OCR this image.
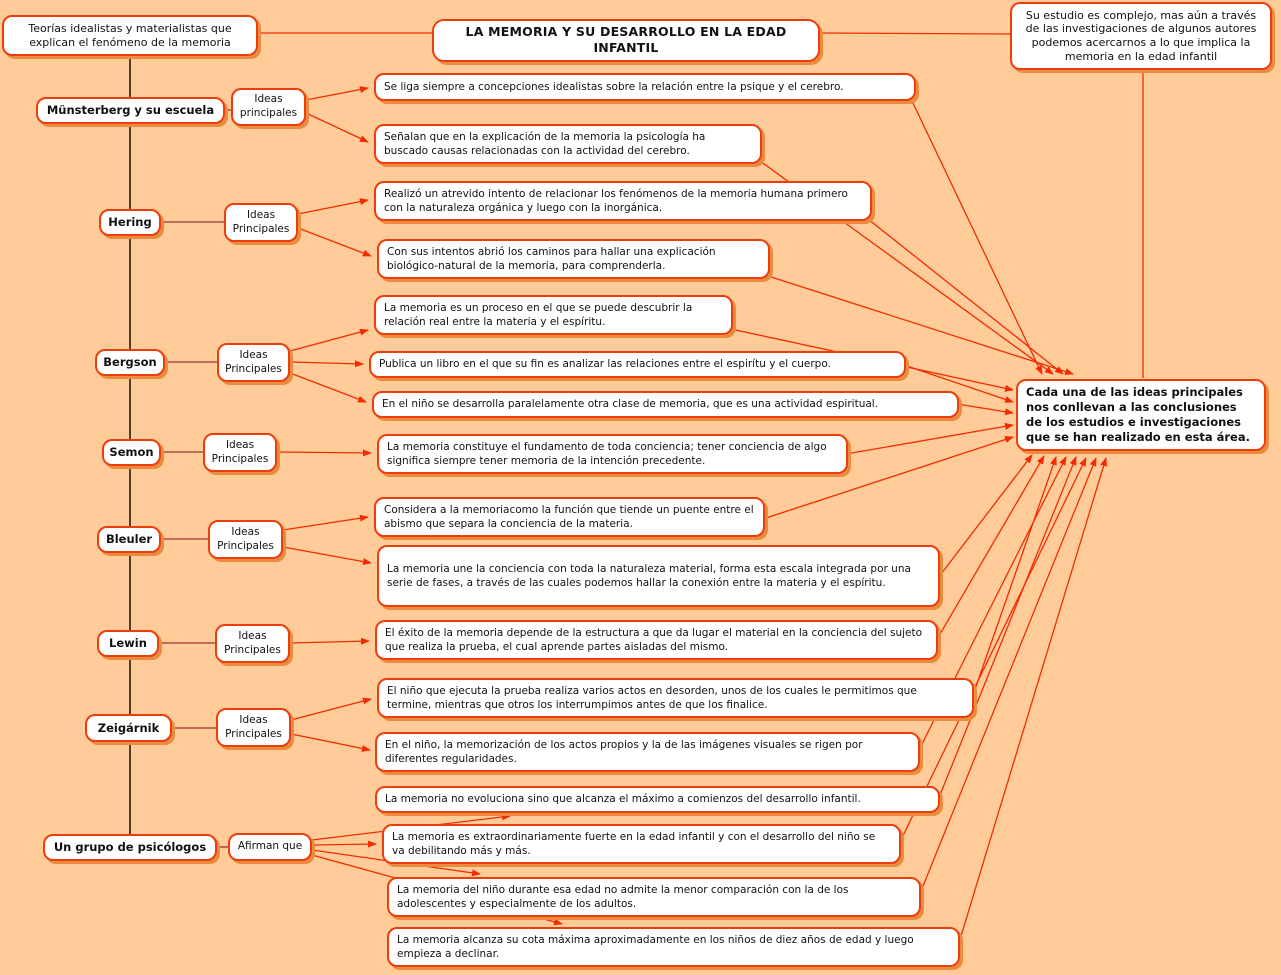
Teorías idealistas y materialistas que explican el fenómeno de la memoria
LA MEMORIA Y SU DESARROLLO EN LA EDAD INFANTIL
Su estudio es complejo, mas aún a través de las investigaciones de algunos autores podemos acercarnos a lo que implica la memoria en la edad infantil
Cada una de las ideas principales nos conllevan a las conclusiones de los estudios e investigaciones que se han realizado en esta área.
Münsterberg y su escuela
Hering
Bergson
Semon
Bleuler
Lewin
Zeigárnik
Un grupo de psicólogos
Ideas principales
Ideas Principales
Ideas Principales
Ideas Principales
Ideas Principales
Ideas Principales
Ideas Principales
Afirman que
Se liga siempre a concepciones idealistas sobre la relación entre la psique y el cerebro.
Señalan que en la explicación de la memoria la psicología ha buscado causas relacionadas con la actividad del cerebro.
Realizó un atrevido intento de relacionar los fenómenos de la memoria humana primero con la naturaleza orgánica y luego con la inorgánica.
Con sus intentos abrió los caminos para hallar una explicación biológico-natural de la memoria, para comprenderla.
La memoria es un proceso en el que se puede descubrir la relación real entre la materia y el espíritu.
Publica un libro en el que su fin es analizar las relaciones entre el espirítu y el cuerpo.
En el niño se desarrolla paralelamente otra clase de memoria, que es una actividad espiritual.
La memoria constituye el fundamento de toda conciencia; tener conciencia de algo significa siempre tener memoria de la intención precedente.
Considera a la memoriacomo la función que tiende un puente entre el abismo que separa la conciencia de la materia.
La memoria une la conciencia con toda la naturaleza material, forma esta escala integrada por una serie de fases, a través de las cuales podemos hallar la conexión entre la materia y el espíritu.
El éxito de la memoria depende de la estructura a que da lugar el material en la conciencia del sujeto que realiza la prueba, el cual aprende partes aisladas del mismo.
El niño que ejecuta la prueba realiza varios actos en desorden, unos de los cuales le permitimos que termine, mientras que otros los interrumpimos antes de que los finalice.
En el niño, la memorización de los actos propios y la de las imágenes visuales se rigen por diferentes regularidades.
La memoria no evoluciona sino que alcanza el máximo a comienzos del desarrollo infantil.
La memoria es extraordinariamente fuerte en la edad infantil y con el desarrollo del niño se va debilitando más y más.
La memoria del niño durante esa edad no admite la menor comparación con la de los adolescentes y especialmente de los adultos.
La memoria alcanza su cota máxima aproximadamente en los niños de diez años de edad y luego empieza a declinar.
